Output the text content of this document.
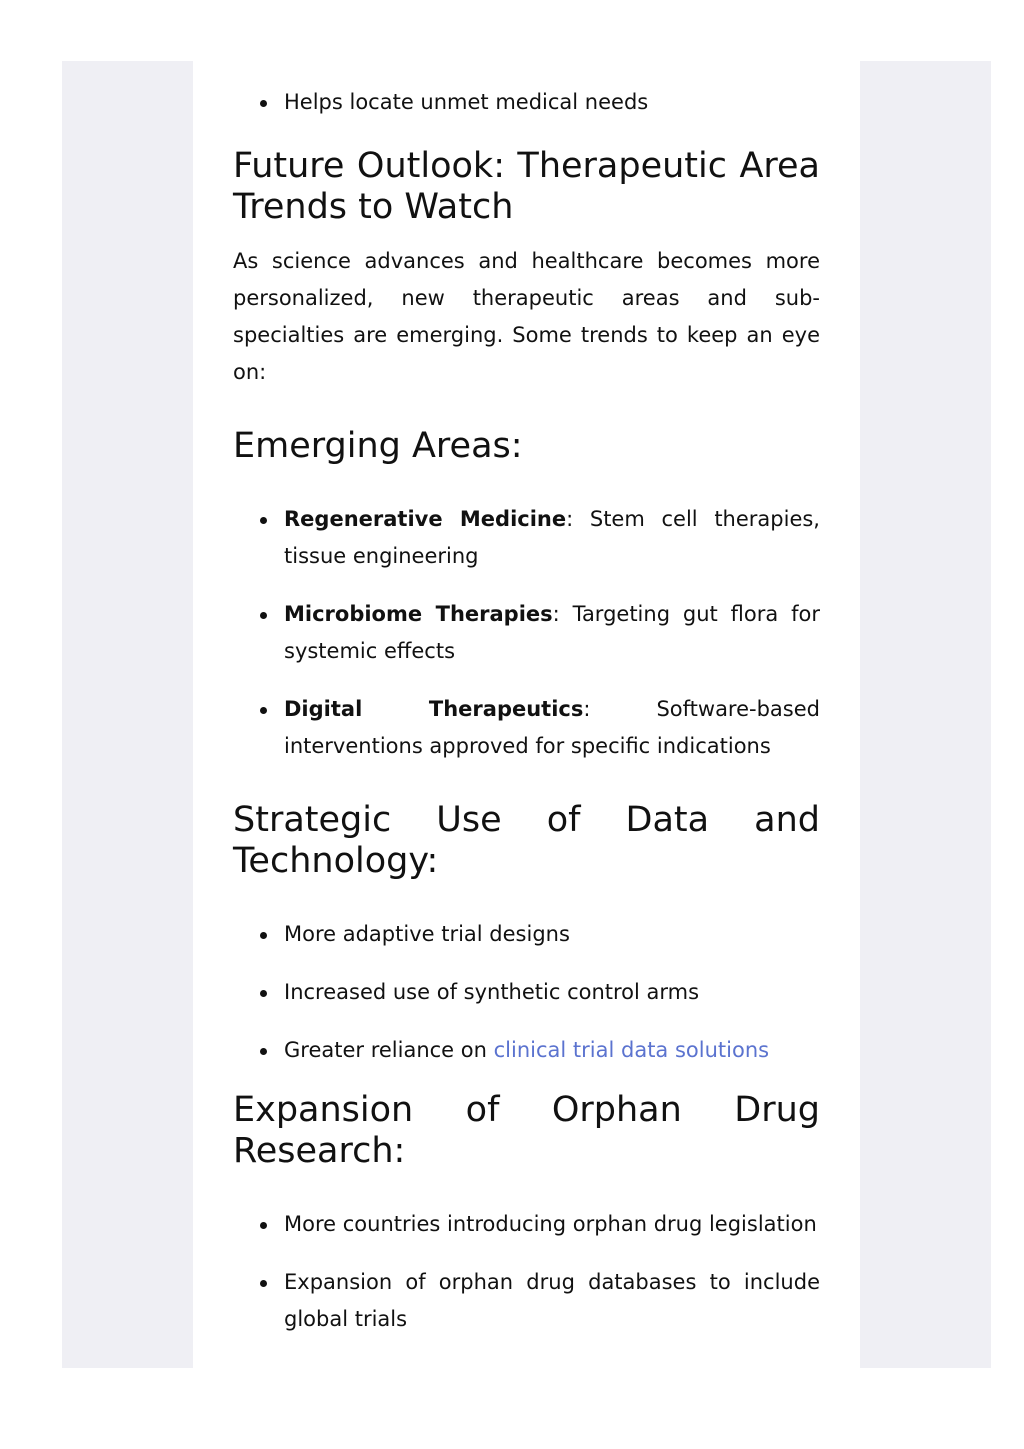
Helps locate unmet medical needs
Future Outlook: Therapeutic Area Trends to Watch

As science advances and healthcare becomes more personalized, new therapeutic areas and sub-specialties are emerging. Some trends to keep an eye on:

Emerging Areas:
Regenerative Medicine: Stem cell therapies, tissue engineering
Microbiome Therapies: Targeting gut flora for systemic effects
Digital Therapeutics: Software-based interventions approved for specific indications
Strategic Use of Data and Technology:
More adaptive trial designs
Increased use of synthetic control arms
Greater reliance on clinical trial data solutions
Expansion of Orphan Drug Research:
More countries introducing orphan drug legislation
Expansion of orphan drug databases to include global trials
